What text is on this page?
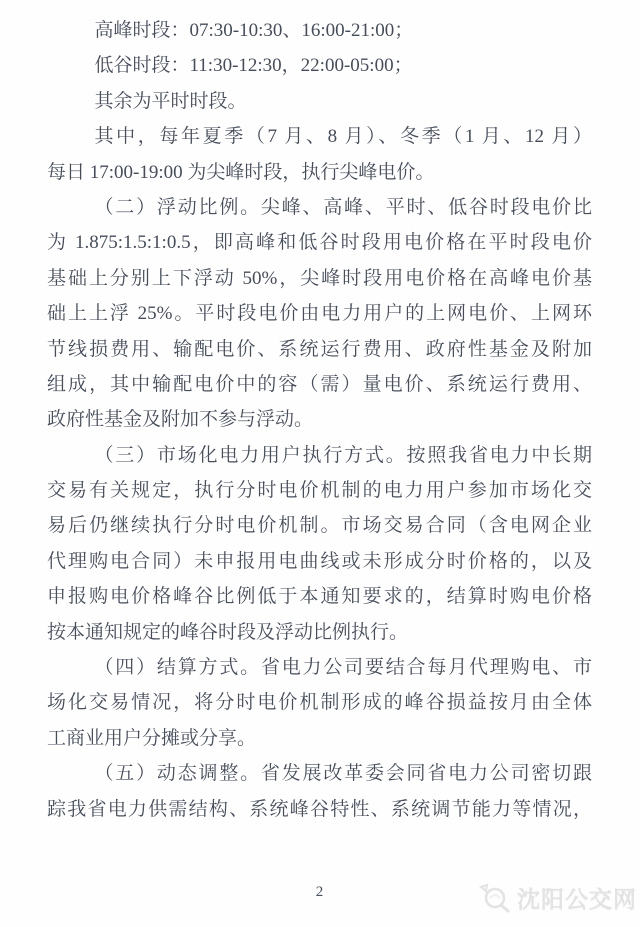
高峰时段：07:30-10:30、16:00-21:00；
低谷时段：11:30-12:30，22:00-05:00；
其余为平时时段。
其中，每年夏季（7 月、8 月）、冬季（1 月、12 月）
每日 17:00-19:00 为尖峰时段，执行尖峰电价。
（二）浮动比例。尖峰、高峰、平时、低谷时段电价比
为 1.875:1.5:1:0.5，即高峰和低谷时段用电价格在平时段电价
基础上分别上下浮动 50%，尖峰时段用电价格在高峰电价基
础上上浮 25%。平时段电价由电力用户的上网电价、上网环
节线损费用、输配电价、系统运行费用、政府性基金及附加
组成，其中输配电价中的容（需）量电价、系统运行费用、
政府性基金及附加不参与浮动。
（三）市场化电力用户执行方式。按照我省电力中长期
交易有关规定，执行分时电价机制的电力用户参加市场化交
易后仍继续执行分时电价机制。市场交易合同（含电网企业
代理购电合同）未申报用电曲线或未形成分时价格的，以及
申报购电价格峰谷比例低于本通知要求的，结算时购电价格
按本通知规定的峰谷时段及浮动比例执行。
（四）结算方式。省电力公司要结合每月代理购电、市
场化交易情况，将分时电价机制形成的峰谷损益按月由全体
工商业用户分摊或分享。
（五）动态调整。省发展改革委会同省电力公司密切跟
踪我省电力供需结构、系统峰谷特性、系统调节能力等情况，
2	沈阳公交网
